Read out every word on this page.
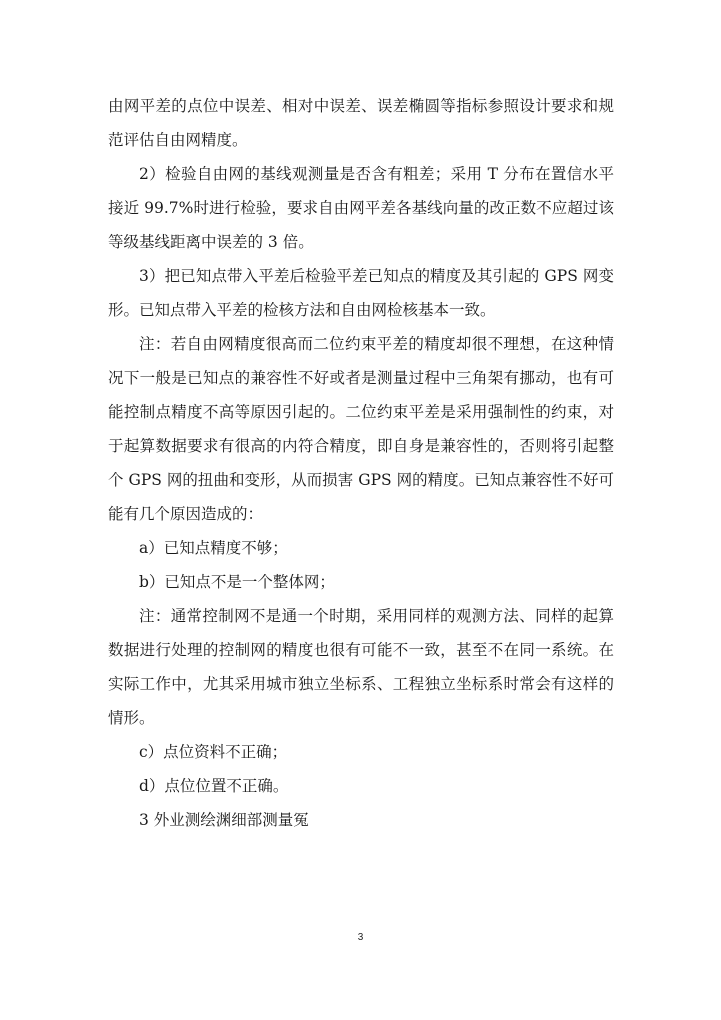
由网平差的点位中误差、相对中误差、误差椭圆等指标参照设计要求和规范评估自由网精度。

2）检验自由网的基线观测量是否含有粗差；采用 T 分布在置信水平接近 99.7%时进行检验，要求自由网平差各基线向量的改正数不应超过该等级基线距离中误差的 3 倍。

3）把已知点带入平差后检验平差已知点的精度及其引起的 GPS 网变形。已知点带入平差的检核方法和自由网检核基本一致。

注：若自由网精度很高而二位约束平差的精度却很不理想，在这种情况下一般是已知点的兼容性不好或者是测量过程中三角架有挪动，也有可能控制点精度不高等原因引起的。二位约束平差是采用强制性的约束，对于起算数据要求有很高的内符合精度，即自身是兼容性的，否则将引起整个 GPS 网的扭曲和变形，从而损害 GPS 网的精度。已知点兼容性不好可能有几个原因造成的：

a）已知点精度不够；

b）已知点不是一个整体网；

注：通常控制网不是通一个时期，采用同样的观测方法、同样的起算数据进行处理的控制网的精度也很有可能不一致，甚至不在同一系统。在实际工作中，尤其采用城市独立坐标系、工程独立坐标系时常会有这样的情形。

c）点位资料不正确；

d）点位位置不正确。

3 外业测绘渊细部测量冤

3
